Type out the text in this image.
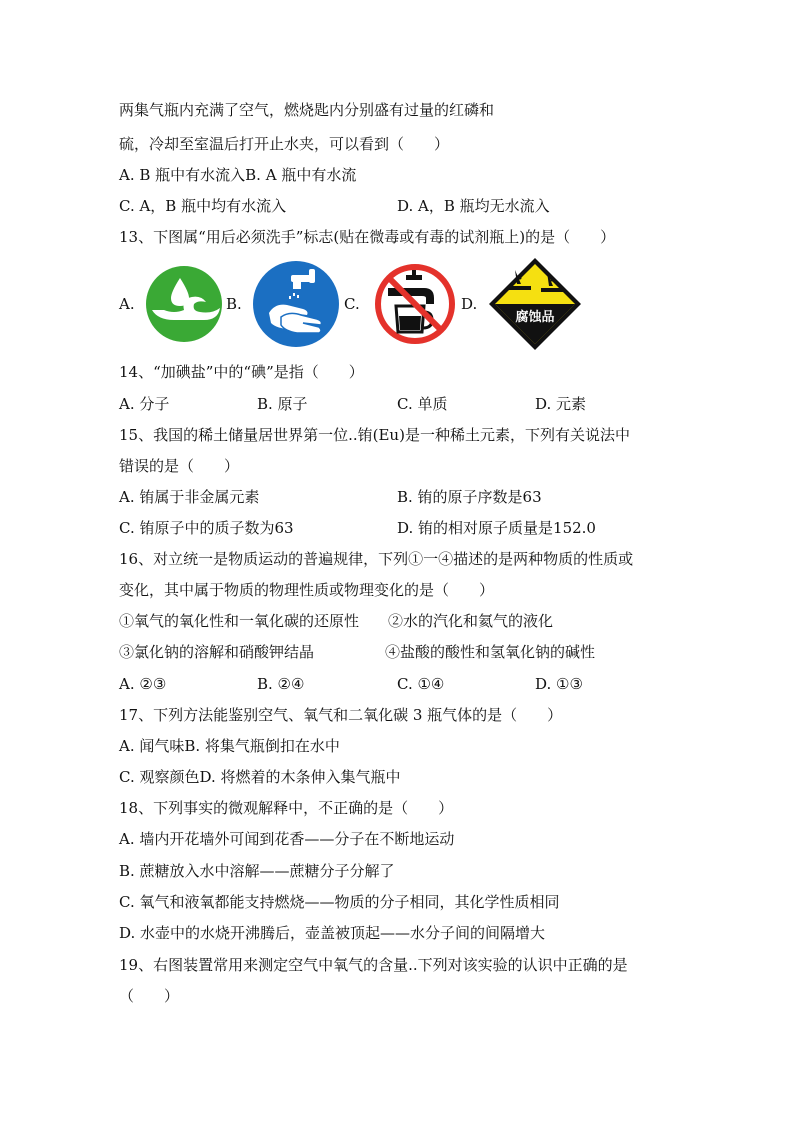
两集气瓶内充满了空气，燃烧匙内分别盛有过量的红磷和
硫，冷却至室温后打开止水夹，可以看到（　　）
A. B 瓶中有水流入B. A 瓶中有水流
C. A，B 瓶中均有水流入	D. A，B 瓶均无水流入
13、下图属“用后必须洗手”标志(贴在微毒或有毒的试剂瓶上)的是（　　）
A.	B.	C.	D.
腐蚀品
14、“加碘盐”中的“碘”是指（　　）
A. 分子	B. 原子	C. 单质	D. 元素
15、我国的稀土储量居世界第一位..铕(Eu)是一种稀土元素，下列有关说法中
错误的是（　　）
A. 铕属于非金属元素	B. 铕的原子序数是63
C. 铕原子中的质子数为63	D. 铕的相对原子质量是152.0
16、对立统一是物质运动的普遍规律，下列①一④描述的是两种物质的性质或
变化，其中属于物质的物理性质或物理变化的是（　　）
①氧气的氧化性和一氧化碳的还原性 ②水的汽化和氦气的液化
③氯化钠的溶解和硝酸钾结晶	④盐酸的酸性和氢氧化钠的碱性
A. ②③	B. ②④	C. ①④	D. ①③
17、下列方法能鉴别空气、氧气和二氧化碳 3 瓶气体的是（　　）
A. 闻气味B. 将集气瓶倒扣在水中
C. 观察颜色D. 将燃着的木条伸入集气瓶中
18、下列事实的微观解释中，不正确的是（　　）
A. 墙内开花墙外可闻到花香——分子在不断地运动
B. 蔗糖放入水中溶解——蔗糖分子分解了
C. 氧气和液氧都能支持燃烧——物质的分子相同，其化学性质相同
D. 水壶中的水烧开沸腾后，壶盖被顶起——水分子间的间隔增大
19、右图装置常用来测定空气中氧气的含量..下列对该实验的认识中正确的是
（　　）
